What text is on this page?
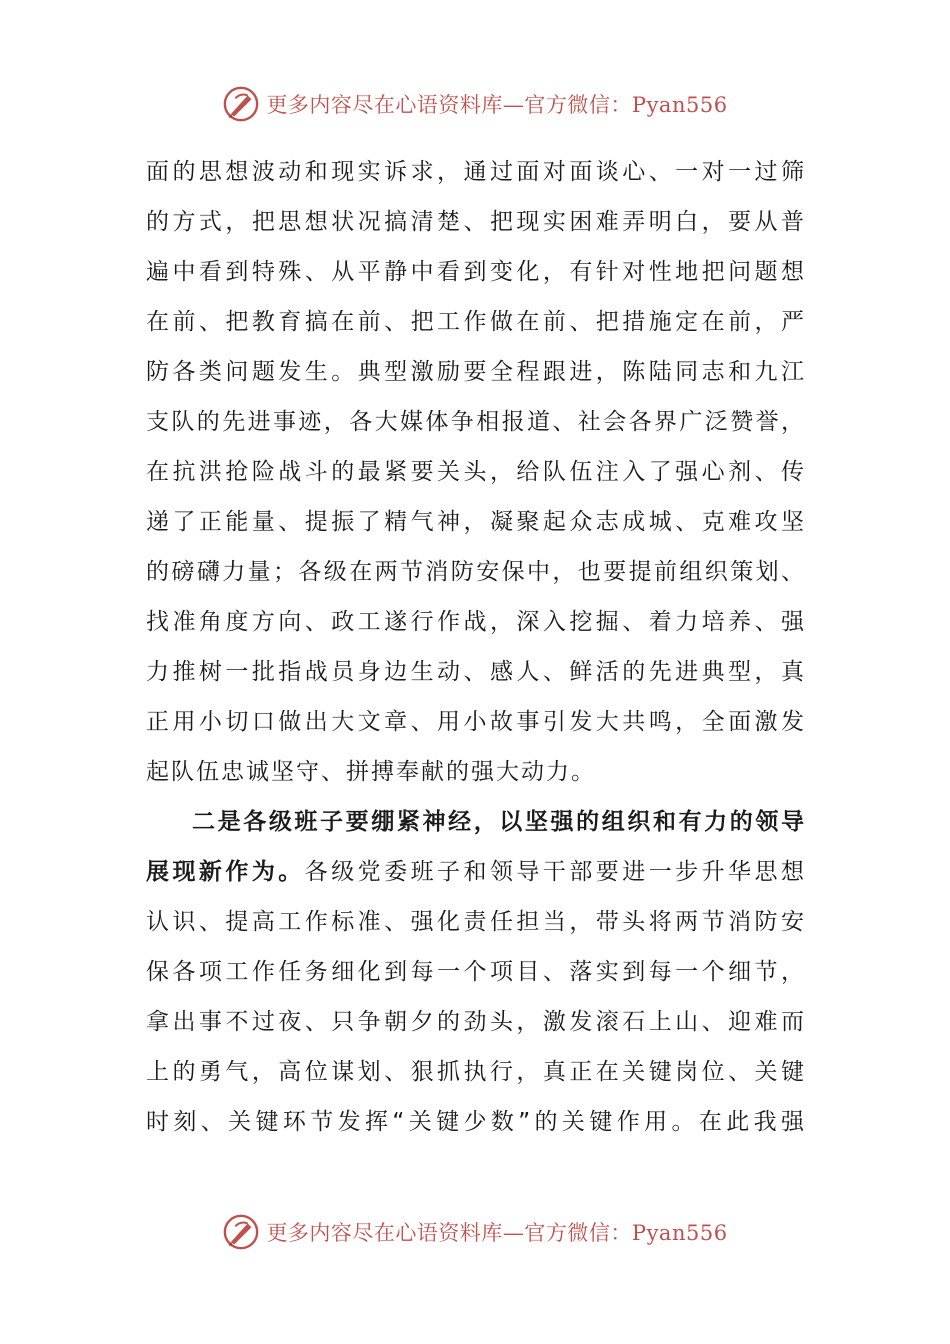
更多内容尽在心语资料库—官方微信：Pyan556
面的思想波动和现实诉求，通过面对面谈心、一对一过筛
的方式，把思想状况搞清楚、把现实困难弄明白，要从普
遍中看到特殊、从平静中看到变化，有针对性地把问题想
在前、把教育搞在前、把工作做在前、把措施定在前，严
防各类问题发生。典型激励要全程跟进，陈陆同志和九江
支队的先进事迹，各大媒体争相报道、社会各界广泛赞誉，
在抗洪抢险战斗的最紧要关头，给队伍注入了强心剂、传
递了正能量、提振了精气神，凝聚起众志成城、克难攻坚
的磅礴力量；各级在两节消防安保中，也要提前组织策划、
找准角度方向、政工遂行作战，深入挖掘、着力培养、强
力推树一批指战员身边生动、感人、鲜活的先进典型，真
正用小切口做出大文章、用小故事引发大共鸣，全面激发
起队伍忠诚坚守、拼搏奉献的强大动力。
二是各级班子要绷紧神经，以坚强的组织和有力的领导
展现新作为。各级党委班子和领导干部要进一步升华思想
认识、提高工作标准、强化责任担当，带头将两节消防安
保各项工作任务细化到每一个项目、落实到每一个细节，
拿出事不过夜、只争朝夕的劲头，激发滚石上山、迎难而
上的勇气，高位谋划、狠抓执行，真正在关键岗位、关键
时刻、关键环节发挥“关键少数”的关键作用。在此我强
更多内容尽在心语资料库—官方微信：Pyan556
